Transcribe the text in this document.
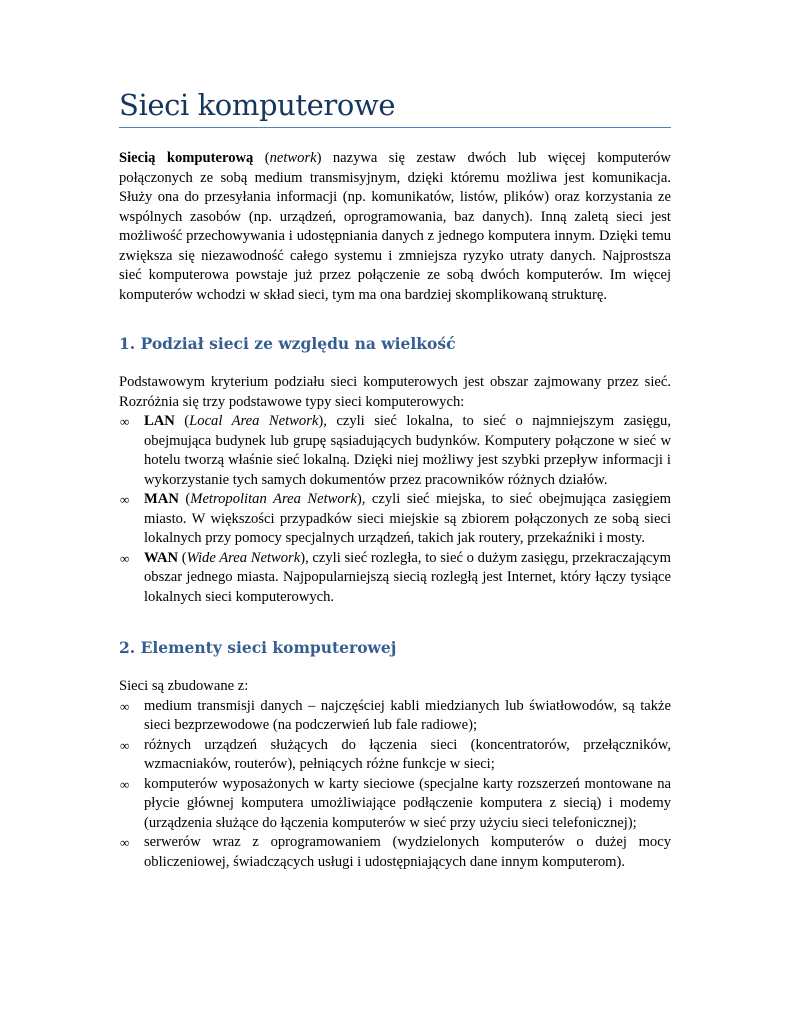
Sieci komputerowe

Siecią komputerową (network) nazywa się zestaw dwóch lub więcej komputerów połączonych ze sobą medium transmisyjnym, dzięki któremu możliwa jest komunikacja. Służy ona do przesyłania informacji (np. komunikatów, listów, plików) oraz korzystania ze wspólnych zasobów (np. urządzeń, oprogramowania, baz danych). Inną zaletą sieci jest możliwość przechowywania i udostępniania danych z jednego komputera innym. Dzięki temu zwiększa się niezawodność całego systemu i zmniejsza ryzyko utraty danych. Najprostsza sieć komputerowa powstaje już przez połączenie ze sobą dwóch komputerów. Im więcej komputerów wchodzi w skład sieci, tym ma ona bardziej skomplikowaną strukturę.

1. Podział sieci ze względu na wielkość

Podstawowym kryterium podziału sieci komputerowych jest obszar zajmowany przez sieć. Rozróżnia się trzy podstawowe typy sieci komputerowych:

∞ LAN (Local Area Network), czyli sieć lokalna, to sieć o najmniejszym zasięgu, obejmująca budynek lub grupę sąsiadujących budynków. Komputery połączone w sieć w hotelu tworzą właśnie sieć lokalną. Dzięki niej możliwy jest szybki przepływ informacji i wykorzystanie tych samych dokumentów przez pracowników różnych działów.
∞ MAN (Metropolitan Area Network), czyli sieć miejska, to sieć obejmująca zasięgiem miasto. W większości przypadków sieci miejskie są zbiorem połączonych ze sobą sieci lokalnych przy pomocy specjalnych urządzeń, takich jak routery, przekaźniki i mosty.
∞ WAN (Wide Area Network), czyli sieć rozległa, to sieć o dużym zasięgu, przekraczającym obszar jednego miasta. Najpopularniejszą siecią rozległą jest Internet, który łączy tysiące lokalnych sieci komputerowych.
2. Elementy sieci komputerowej

Sieci są zbudowane z:

∞ medium transmisji danych – najczęściej kabli miedzianych lub światłowodów, są także sieci bezprzewodowe (na podczerwień lub fale radiowe);
∞ różnych urządzeń służących do łączenia sieci (koncentratorów, przełączników, wzmacniaków, routerów), pełniących różne funkcje w sieci;
∞ komputerów wyposażonych w karty sieciowe (specjalne karty rozszerzeń montowane na płycie głównej komputera umożliwiające podłączenie komputera z siecią) i modemy (urządzenia służące do łączenia komputerów w sieć przy użyciu sieci telefonicznej);
∞ serwerów wraz z oprogramowaniem (wydzielonych komputerów o dużej mocy obliczeniowej, świadczących usługi i udostępniających dane innym komputerom).
